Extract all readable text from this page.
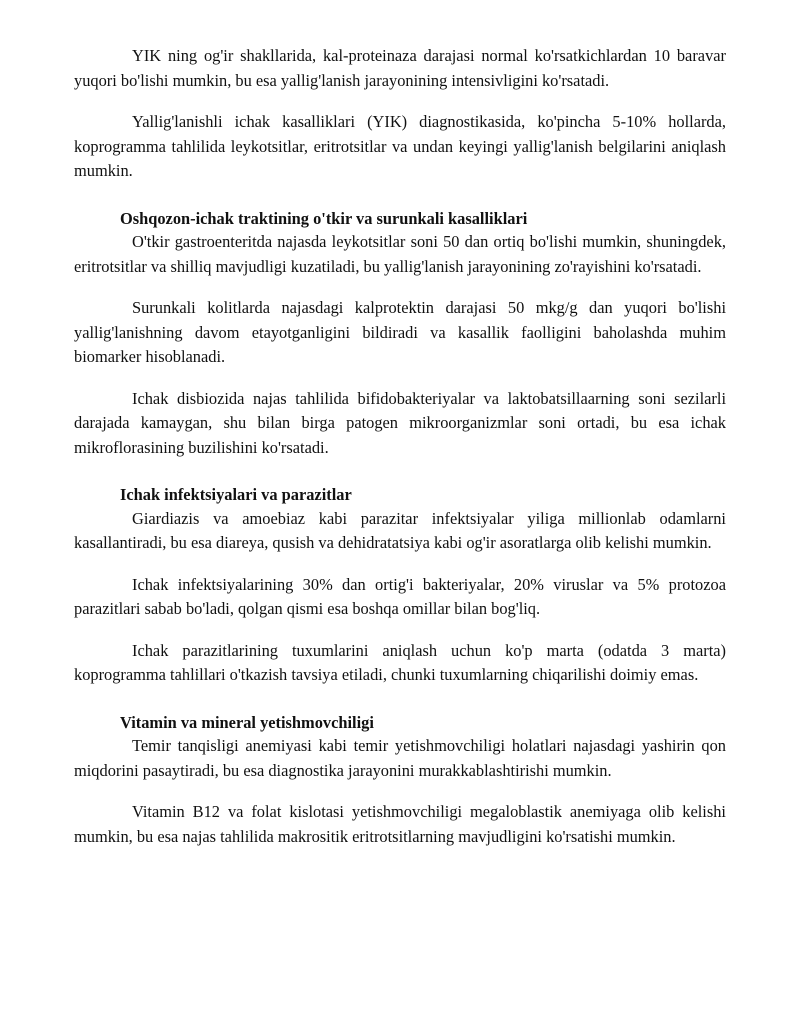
YIK ning og'ir shakllarida, kal-proteinaza darajasi normal ko'rsatkichlardan 10 baravar yuqori bo'lishi mumkin, bu esa yallig'lanish jarayonining intensivligini ko'rsatadi.

Yallig'lanishli ichak kasalliklari (YIK) diagnostikasida, ko'pincha 5-10% hollarda, koprogramma tahlilida leykotsitlar, eritrotsitlar va undan keyingi yallig'lanish belgilarini aniqlash mumkin.

Oshqozon-ichak traktining o'tkir va surunkali kasalliklari

O'tkir gastroenteritda najasda leykotsitlar soni 50 dan ortiq bo'lishi mumkin, shuningdek, eritrotsitlar va shilliq mavjudligi kuzatiladi, bu yallig'lanish jarayonining zo'rayishini ko'rsatadi.

Surunkali kolitlarda najasdagi kalprotektin darajasi 50 mkg/g dan yuqori bo'lishi yallig'lanishning davom etayotganligini bildiradi va kasallik faolligini baholashda muhim biomarker hisoblanadi.

Ichak disbiozida najas tahlilida bifidobakteriyalar va laktobatsillaarning soni sezilarli darajada kamaygan, shu bilan birga patogen mikroorganizmlar soni ortadi, bu esa ichak mikroflorasining buzilishini ko'rsatadi.

Ichak infektsiyalari va parazitlar

Giardiazis va amoebiaz kabi parazitar infektsiyalar yiliga millionlab odamlarni kasallantiradi, bu esa diareya, qusish va dehidratatsiya kabi og'ir asoratlarga olib kelishi mumkin.

Ichak infektsiyalarining 30% dan ortig'i bakteriyalar, 20% viruslar va 5% protozoa parazitlari sabab bo'ladi, qolgan qismi esa boshqa omillar bilan bog'liq.

Ichak parazitlarining tuxumlarini aniqlash uchun ko'p marta (odatda 3 marta) koprogramma tahlillari o'tkazish tavsiya etiladi, chunki tuxumlarning chiqarilishi doimiy emas.

Vitamin va mineral yetishmovchiligi

Temir tanqisligi anemiyasi kabi temir yetishmovchiligi holatlari najasdagi yashirin qon miqdorini pasaytiradi, bu esa diagnostika jarayonini murakkablashtirishi mumkin.

Vitamin B12 va folat kislotasi yetishmovchiligi megaloblastik anemiyaga olib kelishi mumkin, bu esa najas tahlilida makrositik eritrotsitlarning mavjudligini ko'rsatishi mumkin.
